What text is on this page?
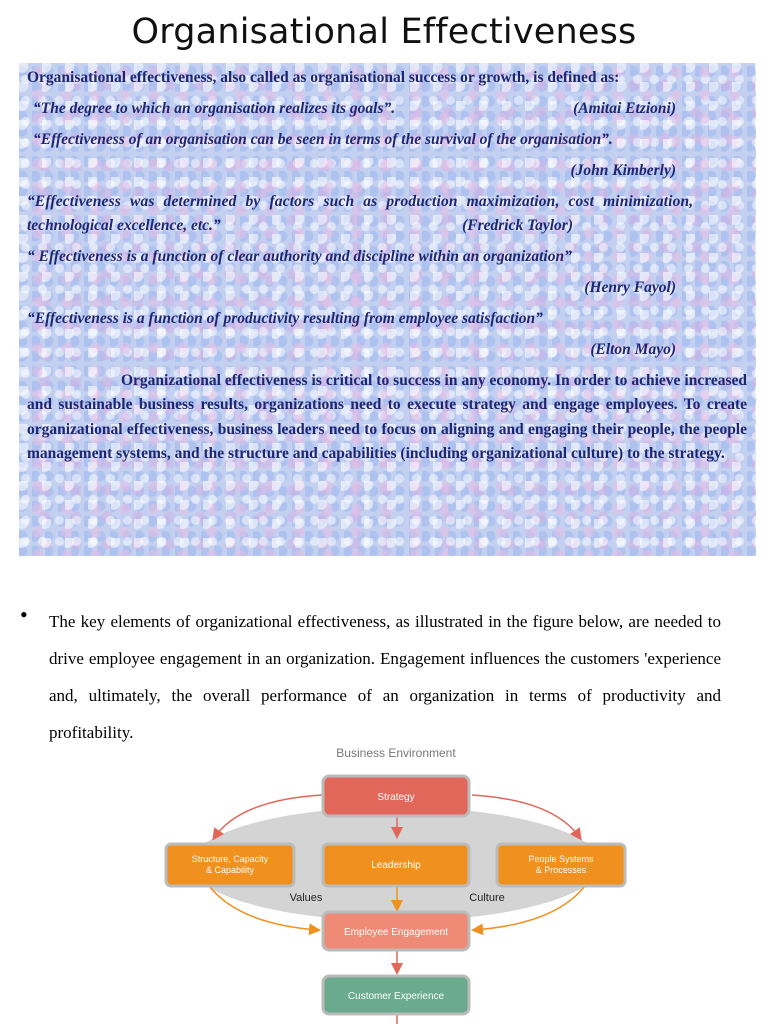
Organisational Effectiveness
Organisational effectiveness, also called as organisational success or growth, is defined as:
“The degree to which an organisation realizes its goals”.	(Amitai Etzioni)
“Effectiveness of an organisation can be seen in terms of the survival of the organisation”.
(John Kimberly)
“Effectiveness was determined by factors such as production maximization, cost minimization,
technological excellence, etc.”	(Fredrick Taylor)
“ Effectiveness is a function of clear authority and discipline within an organization”
(Henry Fayol)
“Effectiveness is a function of productivity resulting from employee satisfaction”
(Elton Mayo)
Organizational effectiveness is critical to success in any economy. In order to achieve increased and sustainable business results, organizations need to execute strategy and engage employees. To create organizational effectiveness, business leaders need to focus on aligning and engaging their people, the people management systems, and the structure and capabilities (including organizational culture) to the strategy.
• The key elements of organizational effectiveness, as illustrated in the figure below, are needed to drive employee engagement in an organization. Engagement influences the customers 'experience and, ultimately, the overall performance of an organization in terms of productivity and profitability.
Business Environment
Strategy
Structure, Capacity
& Capability	Leadership
People Systems
& Processes
Values	Culture
Employee Engagement
Customer Experience
